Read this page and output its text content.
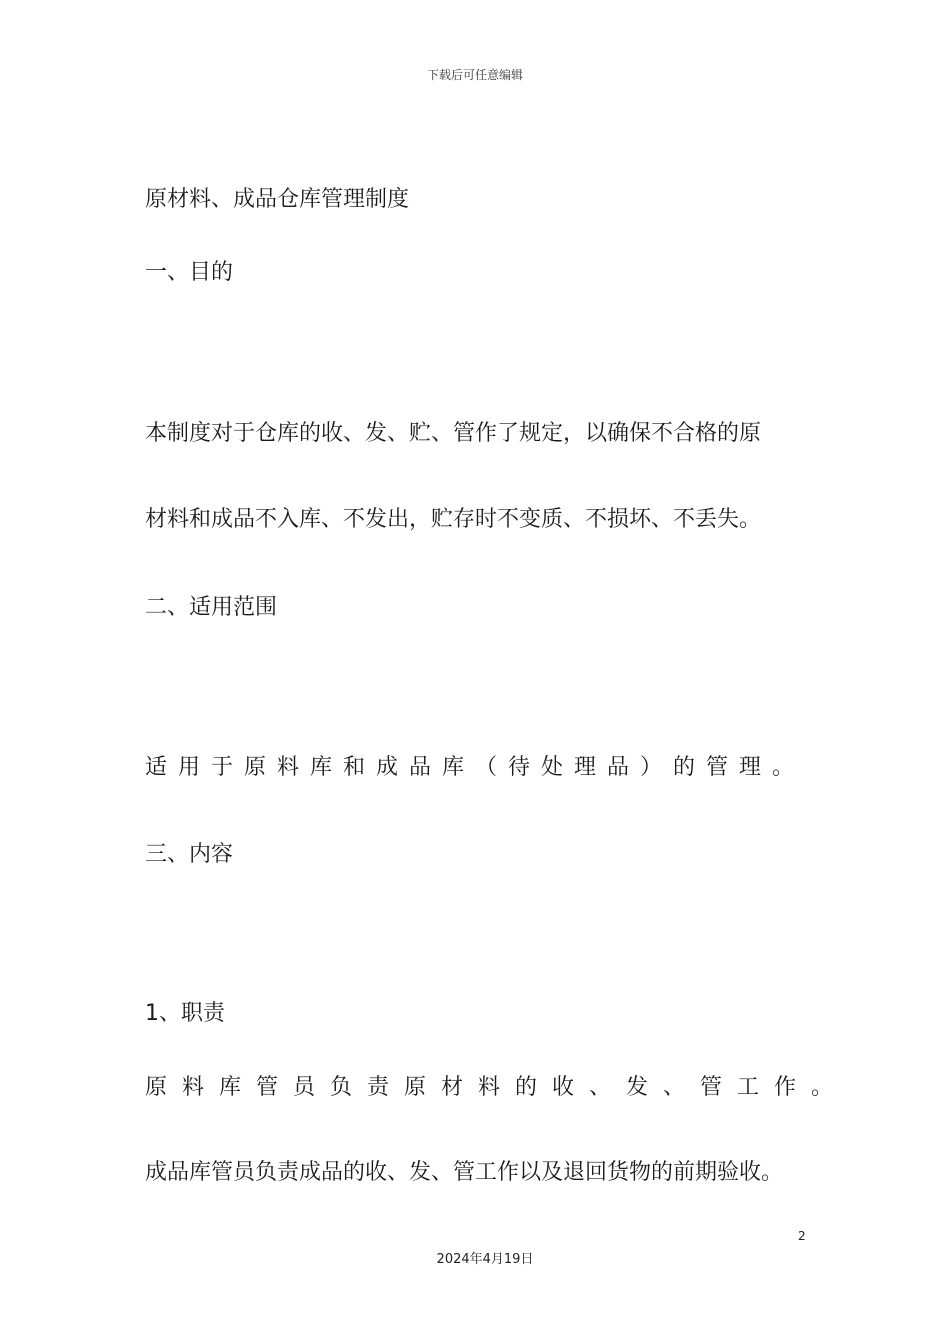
下载后可任意编辑
原材料、成品仓库管理制度
一、目的
本制度对于仓库的收、发、贮、管作了规定，以确保不合格的原
材料和成品不入库、不发出，贮存时不变质、不损坏、不丢失。
二、适用范围
适用于原料库和成品库（待处理品）的管理。
三、内容
1、职责
原料库管员负责原材料的收、发、管工作。
成品库管员负责成品的收、发、管工作以及退回货物的前期验收。
2
2024年4月19日
